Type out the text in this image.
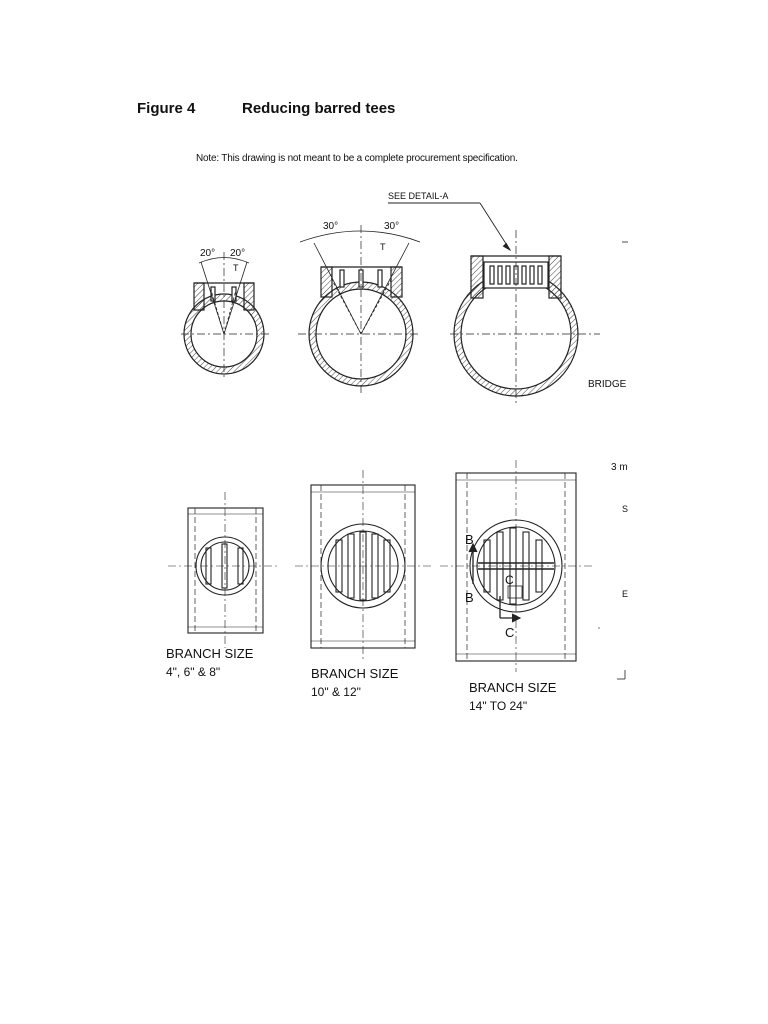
Figure 4	Reducing barred tees
Note: This drawing is not meant to be a complete procurement specification.
20° 20°
T
30°	30°
T
SEE DETAIL-A
BRIDGE
BRANCH SIZE
4", 6" & 8"	BRANCH SIZE
10" & 12"
B
B
C
C
BRANCH SIZE
14" TO 24"
3 m
S
E
